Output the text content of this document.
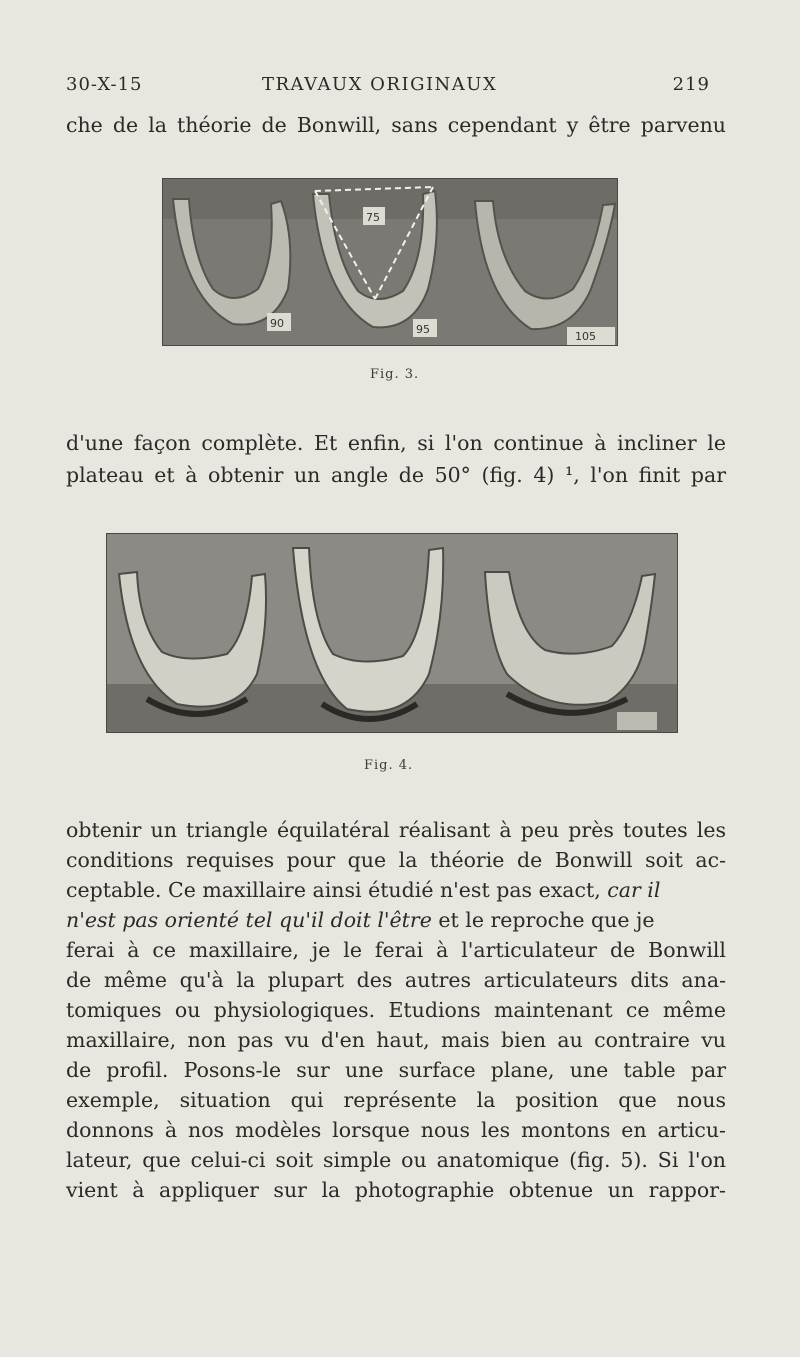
30-X-15	TRAVAUX ORIGINAUX	219
che de la théorie de Bonwill, sans cependant y être parvenu
75
90	95
105
Fig. 3.
d'une façon complète. Et enfin, si l'on continue à incliner le
plateau et à obtenir un angle de 50° (fig. 4) ¹, l'on finit par
Fig. 4.
obtenir un triangle équilatéral réalisant à peu près toutes les
conditions requises pour que la théorie de Bonwill soit ac-
ceptable. Ce maxillaire ainsi étudié n'est pas exact, car il
n'est pas orienté tel qu'il doit l'être et le reproche que je
ferai à ce maxillaire, je le ferai à l'articulateur de Bonwill
de même qu'à la plupart des autres articulateurs dits ana-
tomiques ou physiologiques. Etudions maintenant ce même
maxillaire, non pas vu d'en haut, mais bien au contraire vu
de profil. Posons-le sur une surface plane, une table par
exemple, situation qui représente la position que nous
donnons à nos modèles lorsque nous les montons en articu-
lateur, que celui-ci soit simple ou anatomique (fig. 5). Si l'on
vient à appliquer sur la photographie obtenue un rappor-
